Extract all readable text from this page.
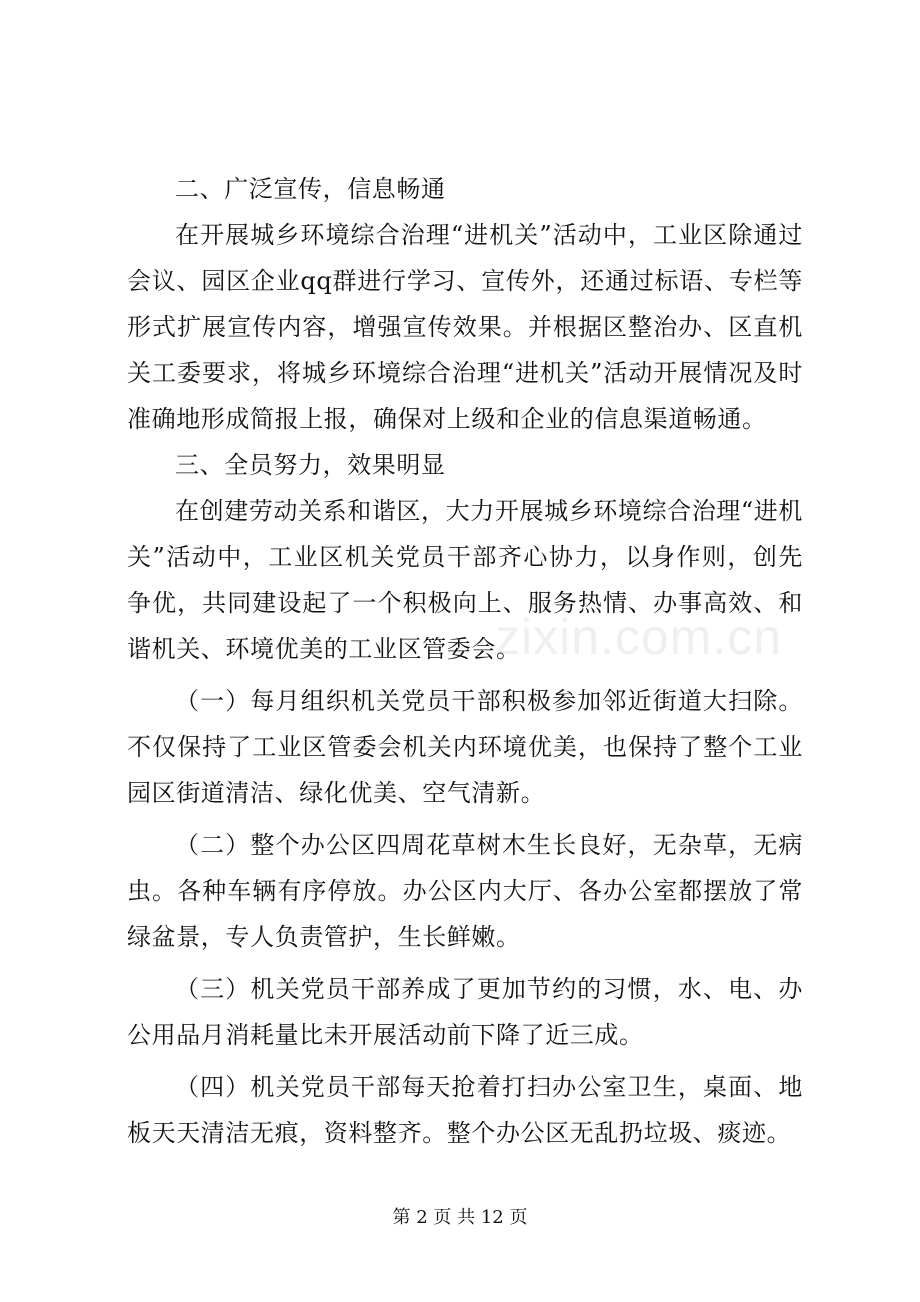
二、广泛宣传，信息畅通

在开展城乡环境综合治理“进机关”活动中，工业区除通过会议、园区企业qq群进行学习、宣传外，还通过标语、专栏等形式扩展宣传内容，增强宣传效果。并根据区整治办、区直机关工委要求，将城乡环境综合治理“进机关”活动开展情况及时准确地形成简报上报，确保对上级和企业的信息渠道畅通。

三、全员努力，效果明显

在创建劳动关系和谐区，大力开展城乡环境综合治理“进机关”活动中，工业区机关党员干部齐心协力，以身作则，创先争优，共同建设起了一个积极向上、服务热情、办事高效、和谐机关、环境优美的工业区管委会。

（一）每月组织机关党员干部积极参加邻近街道大扫除。不仅保持了工业区管委会机关内环境优美，也保持了整个工业园区街道清洁、绿化优美、空气清新。

（二）整个办公区四周花草树木生长良好，无杂草，无病虫。各种车辆有序停放。办公区内大厅、各办公室都摆放了常绿盆景，专人负责管护，生长鲜嫩。

（三）机关党员干部养成了更加节约的习惯，水、电、办公用品月消耗量比未开展活动前下降了近三成。

（四）机关党员干部每天抢着打扫办公室卫生，桌面、地板天天清洁无痕，资料整齐。整个办公区无乱扔垃圾、痰迹。

zixin.com.cn
第 2 页 共 12 页
